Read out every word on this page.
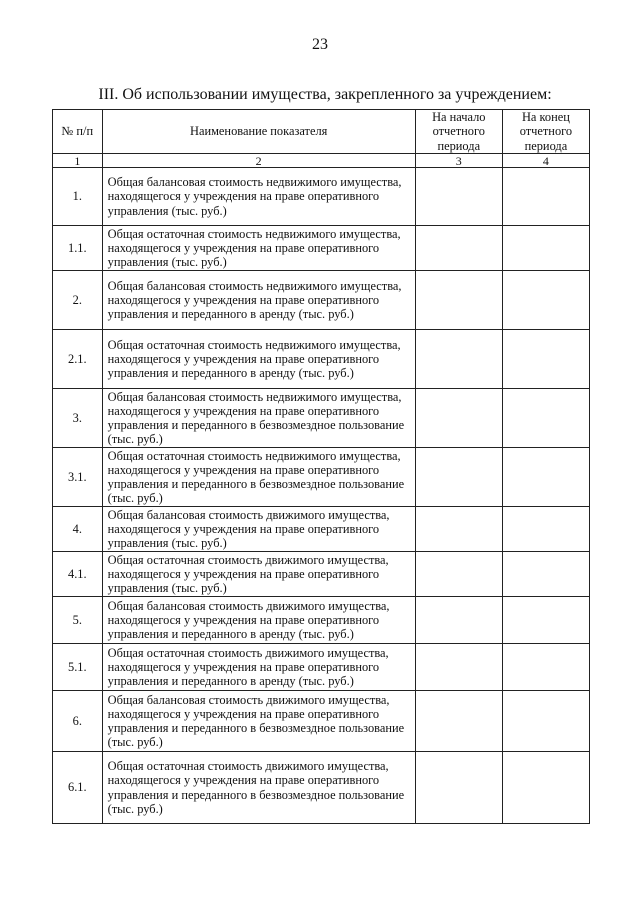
23
III. Об использовании имущества, закрепленного за учреждением:
№ п/п	Наименование показателя	На начало отчетного периода	На конец отчетного периода
1	2	3	4
1.	Общая балансовая стоимость недвижимого имущества, находящегося у учреждения на праве оперативного управления (тыс. руб.)		
1.1.	Общая остаточная стоимость недвижимого имущества, находящегося у учреждения на праве оперативного управления (тыс. руб.)		
2.	Общая балансовая стоимость недвижимого имущества, находящегося у учреждения на праве оперативного управления и переданного в аренду (тыс. руб.)		
2.1.	Общая остаточная стоимость недвижимого имущества, находящегося у учреждения на праве оперативного управления и переданного в аренду (тыс. руб.)		
3.	Общая балансовая стоимость недвижимого имущества, находящегося у учреждения на праве оперативного управления и переданного в безвозмездное пользование (тыс. руб.)		
3.1.	Общая остаточная стоимость недвижимого имущества, находящегося у учреждения на праве оперативного управления и переданного в безвозмездное пользование (тыс. руб.)		
4.	Общая балансовая стоимость движимого имущества, находящегося у учреждения на праве оперативного управления (тыс. руб.)		
4.1.	Общая остаточная стоимость движимого имущества, находящегося у учреждения на праве оперативного управления (тыс. руб.)		
5.	Общая балансовая стоимость движимого имущества, находящегося у учреждения на праве оперативного управления и переданного в аренду (тыс. руб.)		
5.1.	Общая остаточная стоимость движимого имущества, находящегося у учреждения на праве оперативного управления и переданного в аренду (тыс. руб.)		
6.	Общая балансовая стоимость движимого имущества, находящегося у учреждения на праве оперативного управления и переданного в безвозмездное пользование (тыс. руб.)		
6.1.	Общая остаточная стоимость движимого имущества, находящегося у учреждения на праве оперативного управления и переданного в безвозмездное пользование (тыс. руб.)		
